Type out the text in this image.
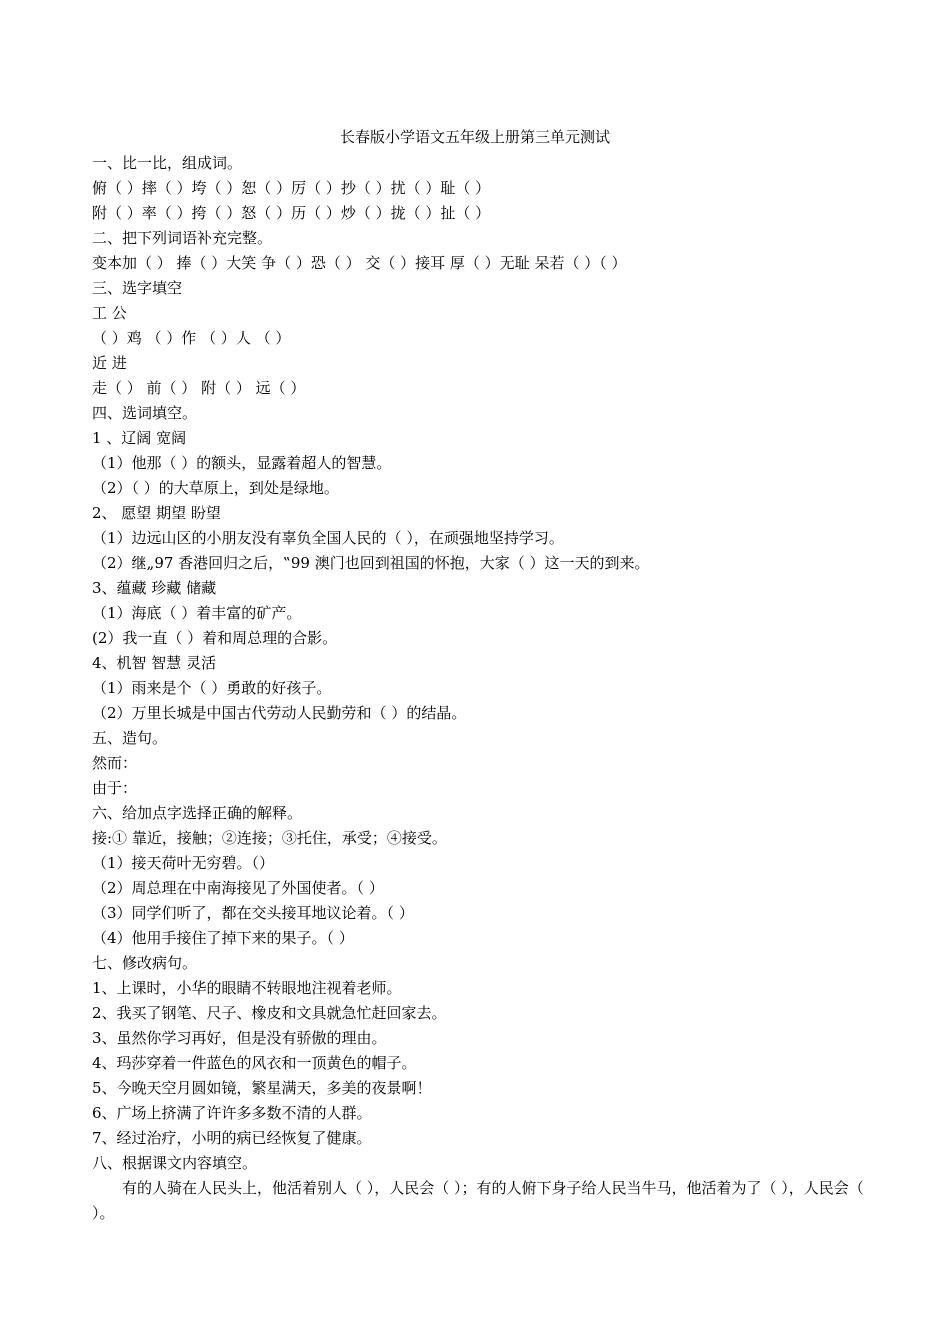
长春版小学语文五年级上册第三单元测试
一、比一比，组成词。
俯（ ）摔（ ）垮（ ）恕（ ）厉（ ）抄（ ）扰（ ）耻（ ）
附（ ）率（ ）挎（ ）怒（ ）历（ ）炒（ ）拢（ ）扯（ ）
二、把下列词语补充完整。
变本加（ ） 捧（ ）大笑 争（ ）恐（ ） 交（ ）接耳 厚（ ）无耻 呆若（ ）（ ）
三、选字填空
工 公
（ ）鸡 （ ）作 （ ）人 （ ）
近 进
走（ ） 前（ ） 附（ ） 远（ ）
四、选词填空。
1 、辽阔 宽阔
（1）他那（ ）的额头，显露着超人的智慧。
（2）（ ）的大草原上，到处是绿地。
2、 愿望 期望 盼望
（1）边远山区的小朋友没有辜负全国人民的（ ），在顽强地坚持学习。
（2）继„97 香港回归之后，‟99 澳门也回到祖国的怀抱，大家（ ）这一天的到来。
3、蕴藏 珍藏 储藏
（1）海底（ ）着丰富的矿产。
(2）我一直（ ）着和周总理的合影。
4、机智 智慧 灵活
（1）雨来是个（ ）勇敢的好孩子。
（2）万里长城是中国古代劳动人民勤劳和（ ）的结晶。
五、造句。
然而：
由于：
六、给加点字选择正确的解释。
接:① 靠近，接触；②连接；③托住，承受；④接受。
（1）接天荷叶无穷碧。（）
（2）周总理在中南海接见了外国使者。（ ）
（3）同学们听了，都在交头接耳地议论着。（ ）
（4）他用手接住了掉下来的果子。（ ）
七、修改病句。
1、上课时，小华的眼睛不转眼地注视着老师。
2、我买了钢笔、尺子、橡皮和文具就急忙赶回家去。
3、虽然你学习再好，但是没有骄傲的理由。
4、玛莎穿着一件蓝色的风衣和一顶黄色的帽子。
5、今晚天空月圆如镜，繁星满天，多美的夜景啊！
6、广场上挤满了许许多多数不清的人群。
7、经过治疗，小明的病已经恢复了健康。
八、根据课文内容填空。
有的人骑在人民头上，他活着别人（ ），人民会（ ）；有的人俯下身子给人民当牛马，他活着为了（ ），人民会（ ）。
